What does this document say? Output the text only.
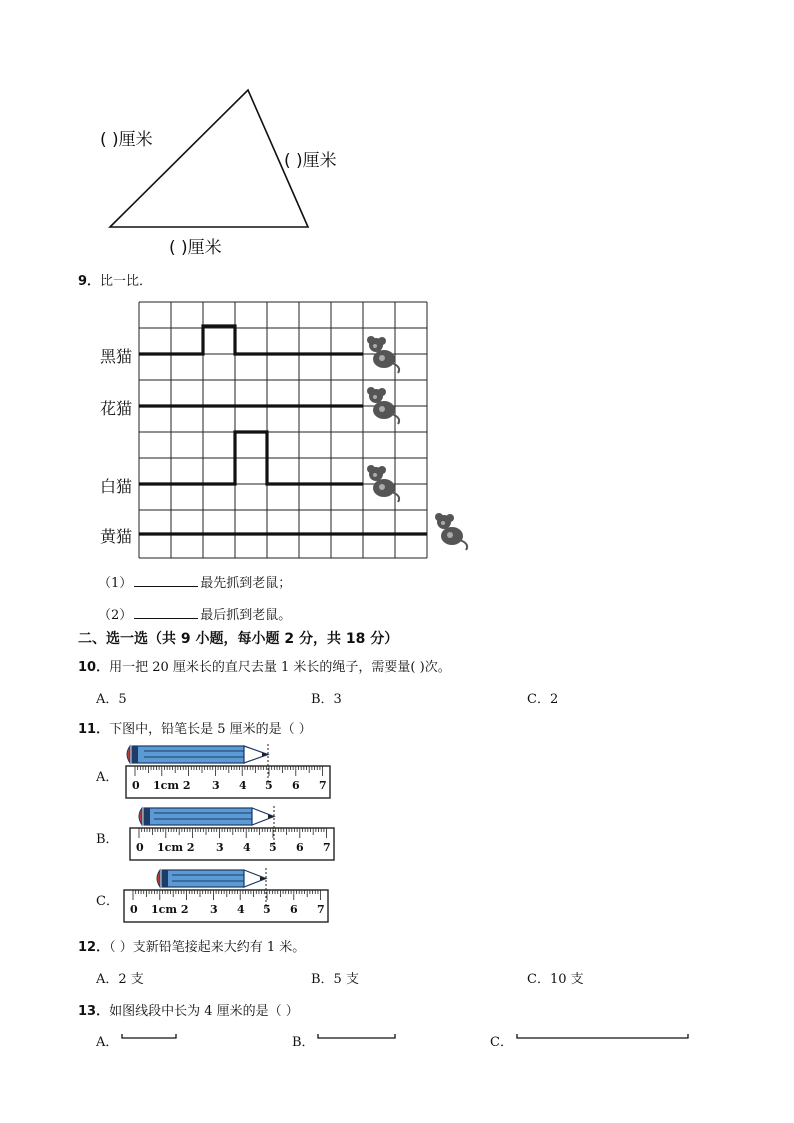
( )厘米
( )厘米
( )厘米
9．比一比．
黑猫
花猫
白猫
黄猫
（1）	最先抓到老鼠；
（2）	最后抓到老鼠。
二、选一选（共 9 小题，每小题 2 分，共 18 分）
10．用一把 20 厘米长的直尺去量 1 米长的绳子，需要量( )次。
A．5	B．3	C．2
11．下图中，铅笔长是 5 厘米的是（ ）
A．
B．
C．
0 1cm 2 3 4 5 6 7
0 1cm 2 3 4 5 6 7
0 1cm 2 3 4 5 6 7
12．（ ）支新铅笔接起来大约有 1 米。
A．2 支	B．5 支	C．10 支
13．如图线段中长为 4 厘米的是（ ）
A．	B．	C．
